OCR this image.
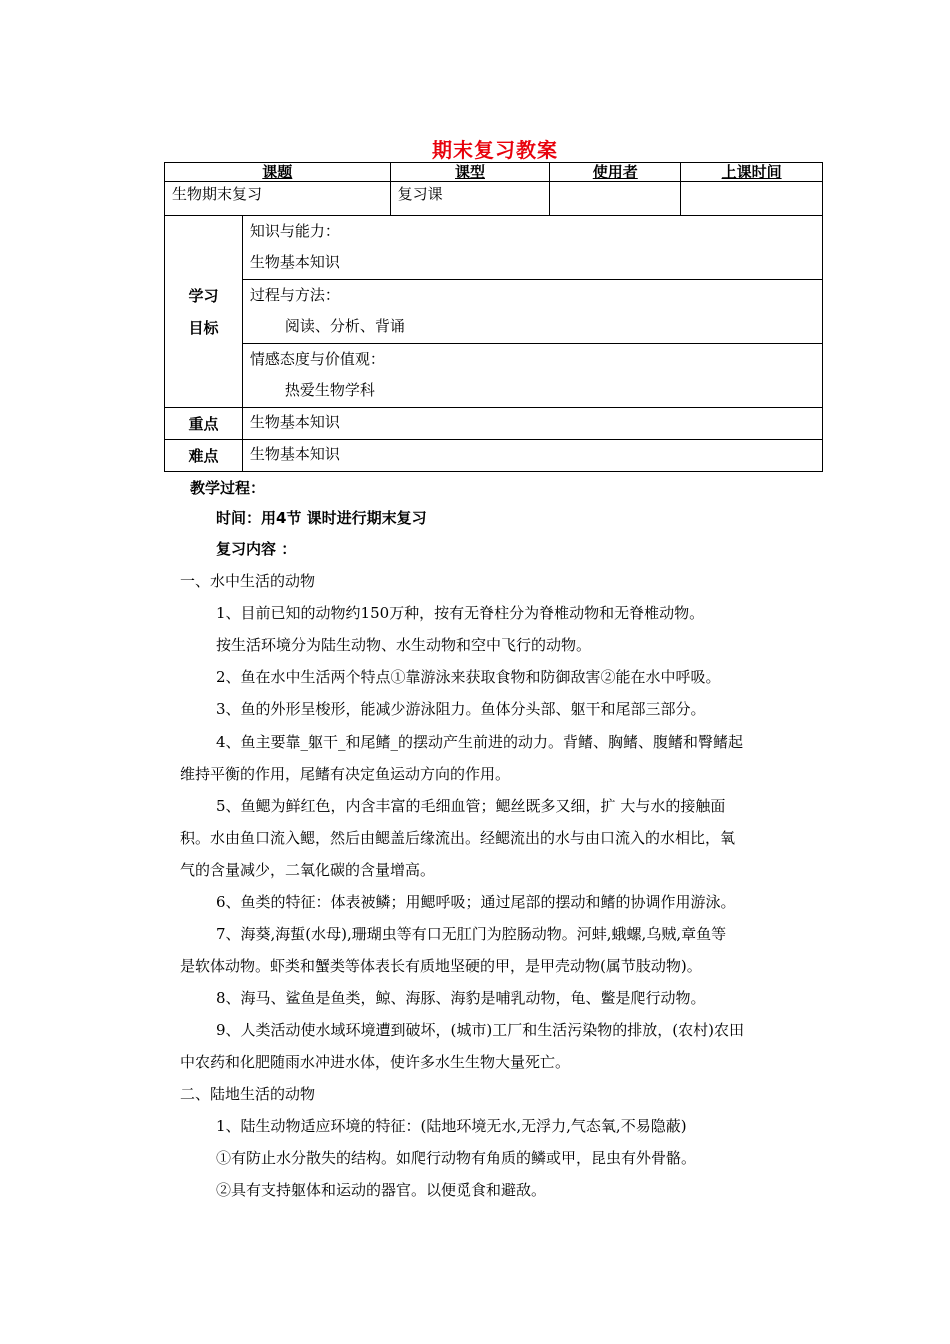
期末复习教案
课题		课型	使用者	上课时间
生物期末复习		复习课		

学习
目标	知识与能力：
生物基本知识			

	过程与方法：
阅读、分析、背诵			

	情感态度与价值观：
热爱生物学科			

重点	生物基本知识			
难点	生物基本知识			
教学过程：
时间：用4节 课时进行期末复习
复习内容 ：
一、水中生活的动物
1、目前已知的动物约150万种，按有无脊柱分为脊椎动物和无脊椎动物。
按生活环境分为陆生动物、水生动物和空中飞行的动物。
2、鱼在水中生活两个特点①靠游泳来获取食物和防御敌害②能在水中呼吸。
3、鱼的外形呈梭形，能减少游泳阻力。鱼体分头部、躯干和尾部三部分。
4、鱼主要靠_躯干_和尾鳍_的摆动产生前进的动力。背鳍、胸鳍、腹鳍和臀鳍起
维持平衡的作用，尾鳍有决定鱼运动方向的作用。
5、鱼鳃为鲜红色，内含丰富的毛细血管；鳃丝既多又细，扩 大与水的接触面
积。水由鱼口流入鳃，然后由鳃盖后缘流出。经鳃流出的水与由口流入的水相比，氧
气的含量减少，二氧化碳的含量增高。
6、鱼类的特征：体表被鳞；用鳃呼吸；通过尾部的摆动和鳍的协调作用游泳。
7、海葵,海蜇(水母),珊瑚虫等有口无肛门为腔肠动物。河蚌,蛾螺,乌贼,章鱼等
是软体动物。虾类和蟹类等体表长有质地坚硬的甲，是甲壳动物(属节肢动物)。
8、海马、鲨鱼是鱼类，鲸、海豚、海豹是哺乳动物，龟、鳖是爬行动物。
9、人类活动使水域环境遭到破坏，(城市)工厂和生活污染物的排放，(农村)农田
中农药和化肥随雨水冲进水体，使许多水生生物大量死亡。
二、陆地生活的动物
1、陆生动物适应环境的特征：(陆地环境无水,无浮力,气态氧,不易隐蔽)
①有防止水分散失的结构。如爬行动物有角质的鳞或甲，昆虫有外骨骼。
②具有支持躯体和运动的器官。以便觅食和避敌。
